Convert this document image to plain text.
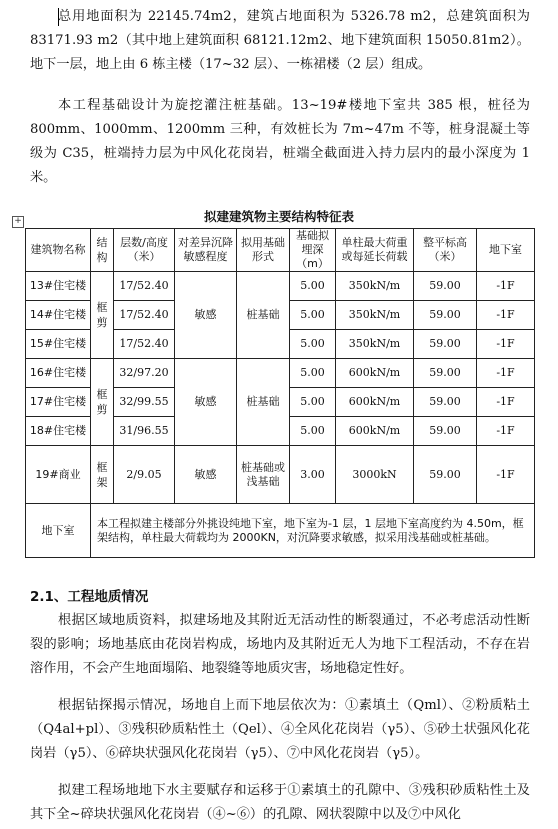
总用地面积为 22145.74m2，建筑占地面积为 5326.78 m2，总建筑面积为 83171.93 m2（其中地上建筑面积 68121.12m2、地下建筑面积 15050.81m2）。地下一层，地上由 6 栋主楼（17~32 层）、一栋裙楼（2 层）组成。

本工程基础设计为旋挖灌注桩基础。13~19#楼地下室共 385 根，桩径为 800mm、1000mm、1200mm 三种，有效桩长为 7m~47m 不等，桩身混凝土等级为 C35，桩端持力层为中风化花岗岩，桩端全截面进入持力层内的最小深度为 1 米。

+	拟建建筑物主要结构特征表
建筑物名称	结构	层数/高度（米）	对差异沉降敏感程度	拟用基础形式	基础拟埋深（m）	单柱最大荷重或每延长荷载	整平标高（米）	地下室
13#住宅楼	框剪	17/52.40	敏感	桩基础	5.00	350kN/m	59.00	-1F
14#住宅楼		17/52.40			5.00	350kN/m	59.00	-1F
15#住宅楼		17/52.40			5.00	350kN/m	59.00	-1F
16#住宅楼	框剪	32/97.20	敏感	桩基础	5.00	600kN/m	59.00	-1F
17#住宅楼		32/99.55			5.00	600kN/m	59.00	-1F
18#住宅楼		31/96.55			5.00	600kN/m	59.00	-1F
19#商业	框架	2/9.05	敏感	桩基础或浅基础	3.00	3000kN	59.00	-1F
地下室	本工程拟建主楼部分外挑设纯地下室，地下室为-1 层，1 层地下室高度约为 4.50m，框架结构，单柱最大荷载均为 2000KN，对沉降要求敏感，拟采用浅基础或桩基础。							
2.1、工程地质情况

根据区域地质资料，拟建场地及其附近无活动性的断裂通过，不必考虑活动性断裂的影响；场地基底由花岗岩构成，场地内及其附近无人为地下工程活动，不存在岩溶作用，不会产生地面塌陷、地裂缝等地质灾害，场地稳定性好。

根据钻探揭示情况，场地自上而下地层依次为：①素填土（Qml）、②粉质粘土（Q4al+pl）、③残积砂质粘性土（Qel）、④全风化花岗岩（γ5）、⑤砂土状强风化花岗岩（γ5）、⑥碎块状强风化花岗岩（γ5）、⑦中风化花岗岩（γ5）。

拟建工程场地地下水主要赋存和运移于①素填土的孔隙中、③残积砂质粘性土及其下全~碎块状强风化花岗岩（④~⑥）的孔隙、网状裂隙中以及⑦中风化
